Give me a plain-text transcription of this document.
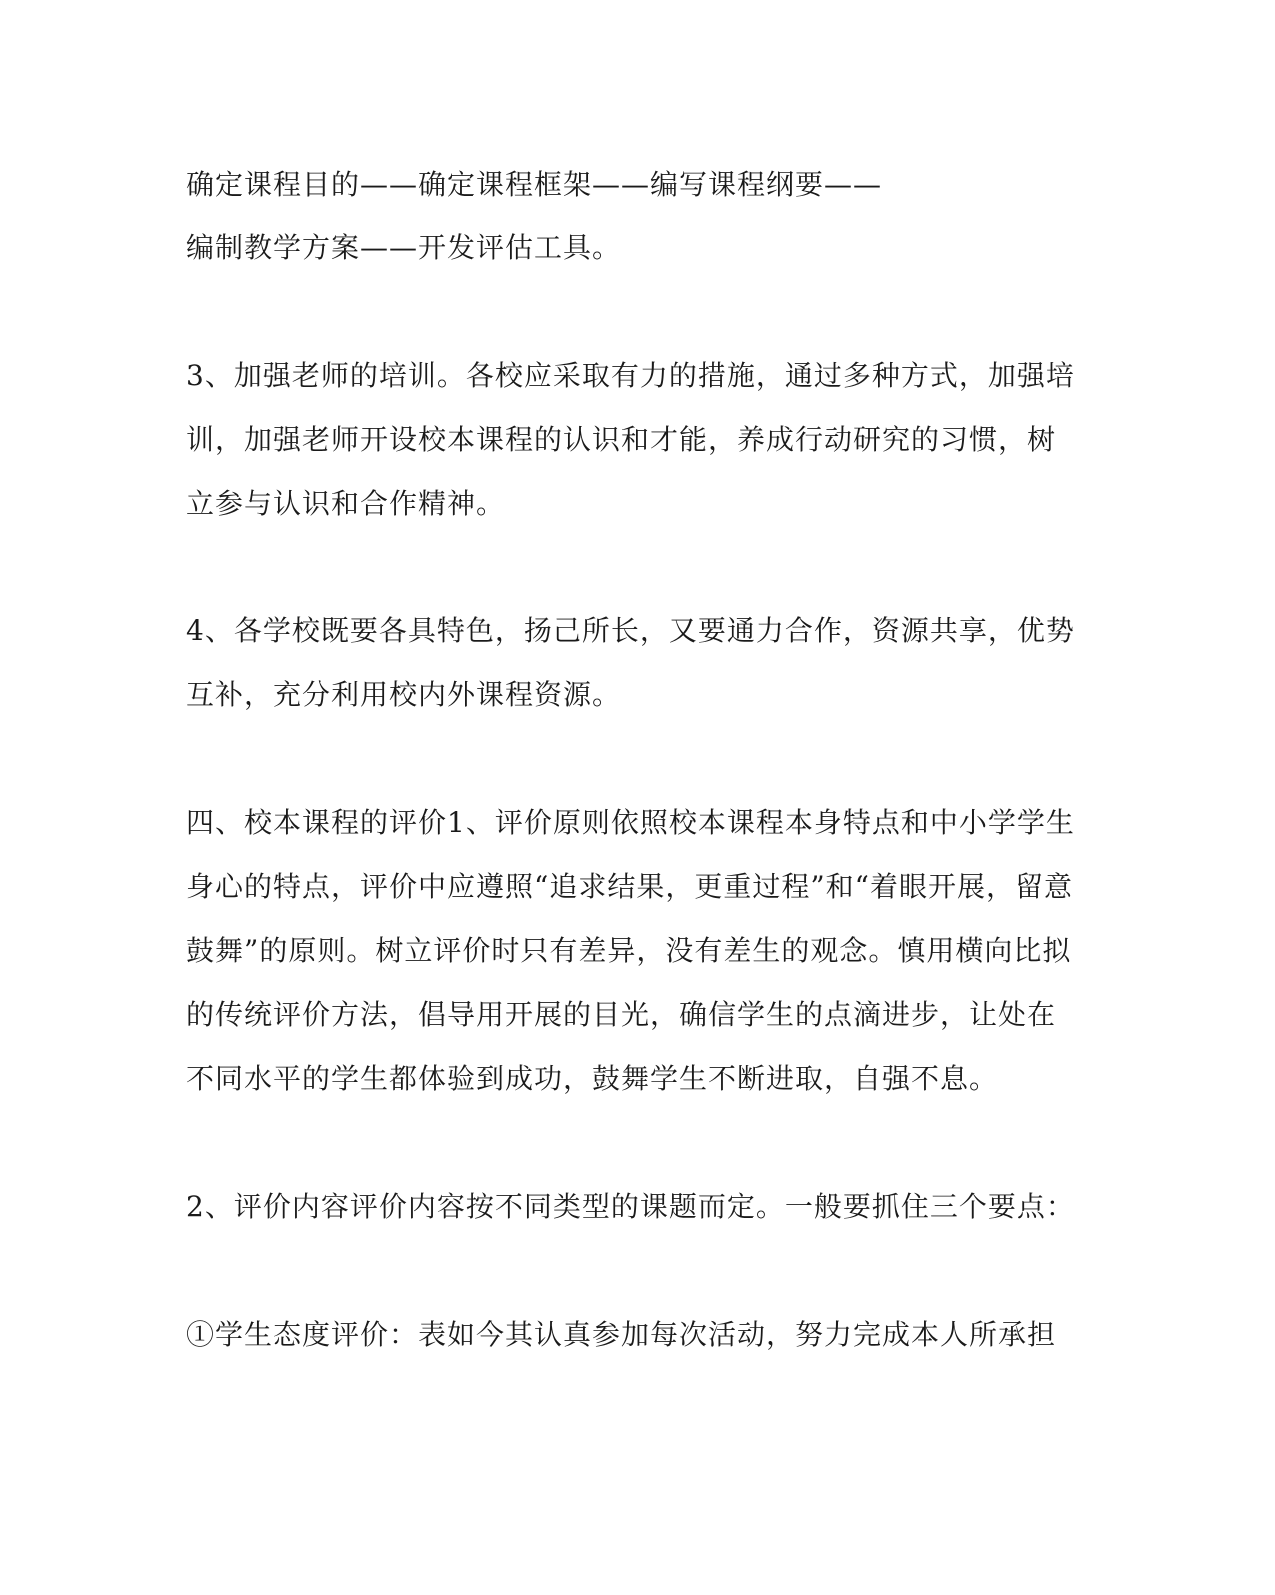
确定课程目的——确定课程框架——编写课程纲要——
编制教学方案——开发评估工具。
3、加强老师的培训。各校应采取有力的措施，通过多种方式，加强培
训，加强老师开设校本课程的认识和才能，养成行动研究的习惯，树
立参与认识和合作精神。
4、各学校既要各具特色，扬己所长，又要通力合作，资源共享，优势
互补，充分利用校内外课程资源。
四、校本课程的评价1、评价原则依照校本课程本身特点和中小学学生
身心的特点，评价中应遵照“追求结果，更重过程”和“着眼开展，留意
鼓舞”的原则。树立评价时只有差异，没有差生的观念。慎用横向比拟
的传统评价方法，倡导用开展的目光，确信学生的点滴进步，让处在
不同水平的学生都体验到成功，鼓舞学生不断进取，自强不息。
2、评价内容评价内容按不同类型的课题而定。一般要抓住三个要点：
①学生态度评价：表如今其认真参加每次活动，努力完成本人所承担
